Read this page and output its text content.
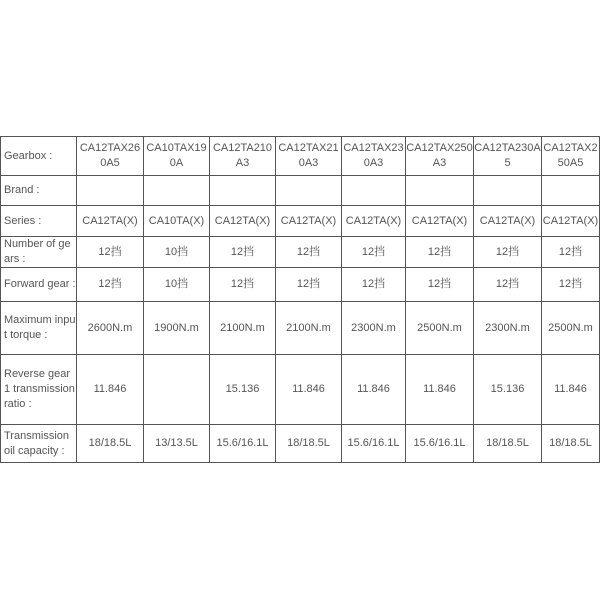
Gearbox :	CA12TAX260A5	CA10TAX190A	CA12TA210A3	CA12TAX210A3	CA12TAX230A3	CA12TAX250A3	CA12TA230A5	CA12TAX250A5
Brand :								
Series :	CA12TA(X)	CA10TA(X)	CA12TA(X)	CA12TA(X)	CA12TA(X)	CA12TA(X)	CA12TA(X)	CA12TA(X)
Number of gears :	12挡	10挡	12挡	12挡	12挡	12挡	12挡	12挡
Forward gear :	12挡	10挡	12挡	12挡	12挡	12挡	12挡	12挡
Maximum input torque :	2600N.m	1900N.m	2100N.m	2100N.m	2300N.m	2500N.m	2300N.m	2500N.m
Reverse gear 1 transmission ratio :	11.846		15.136	11.846	11.846	11.846	15.136	11.846
Transmission oil capacity :	18/18.5L	13/13.5L	15.6/16.1L	18/18.5L	15.6/16.1L	15.6/16.1L	18/18.5L	18/18.5L
